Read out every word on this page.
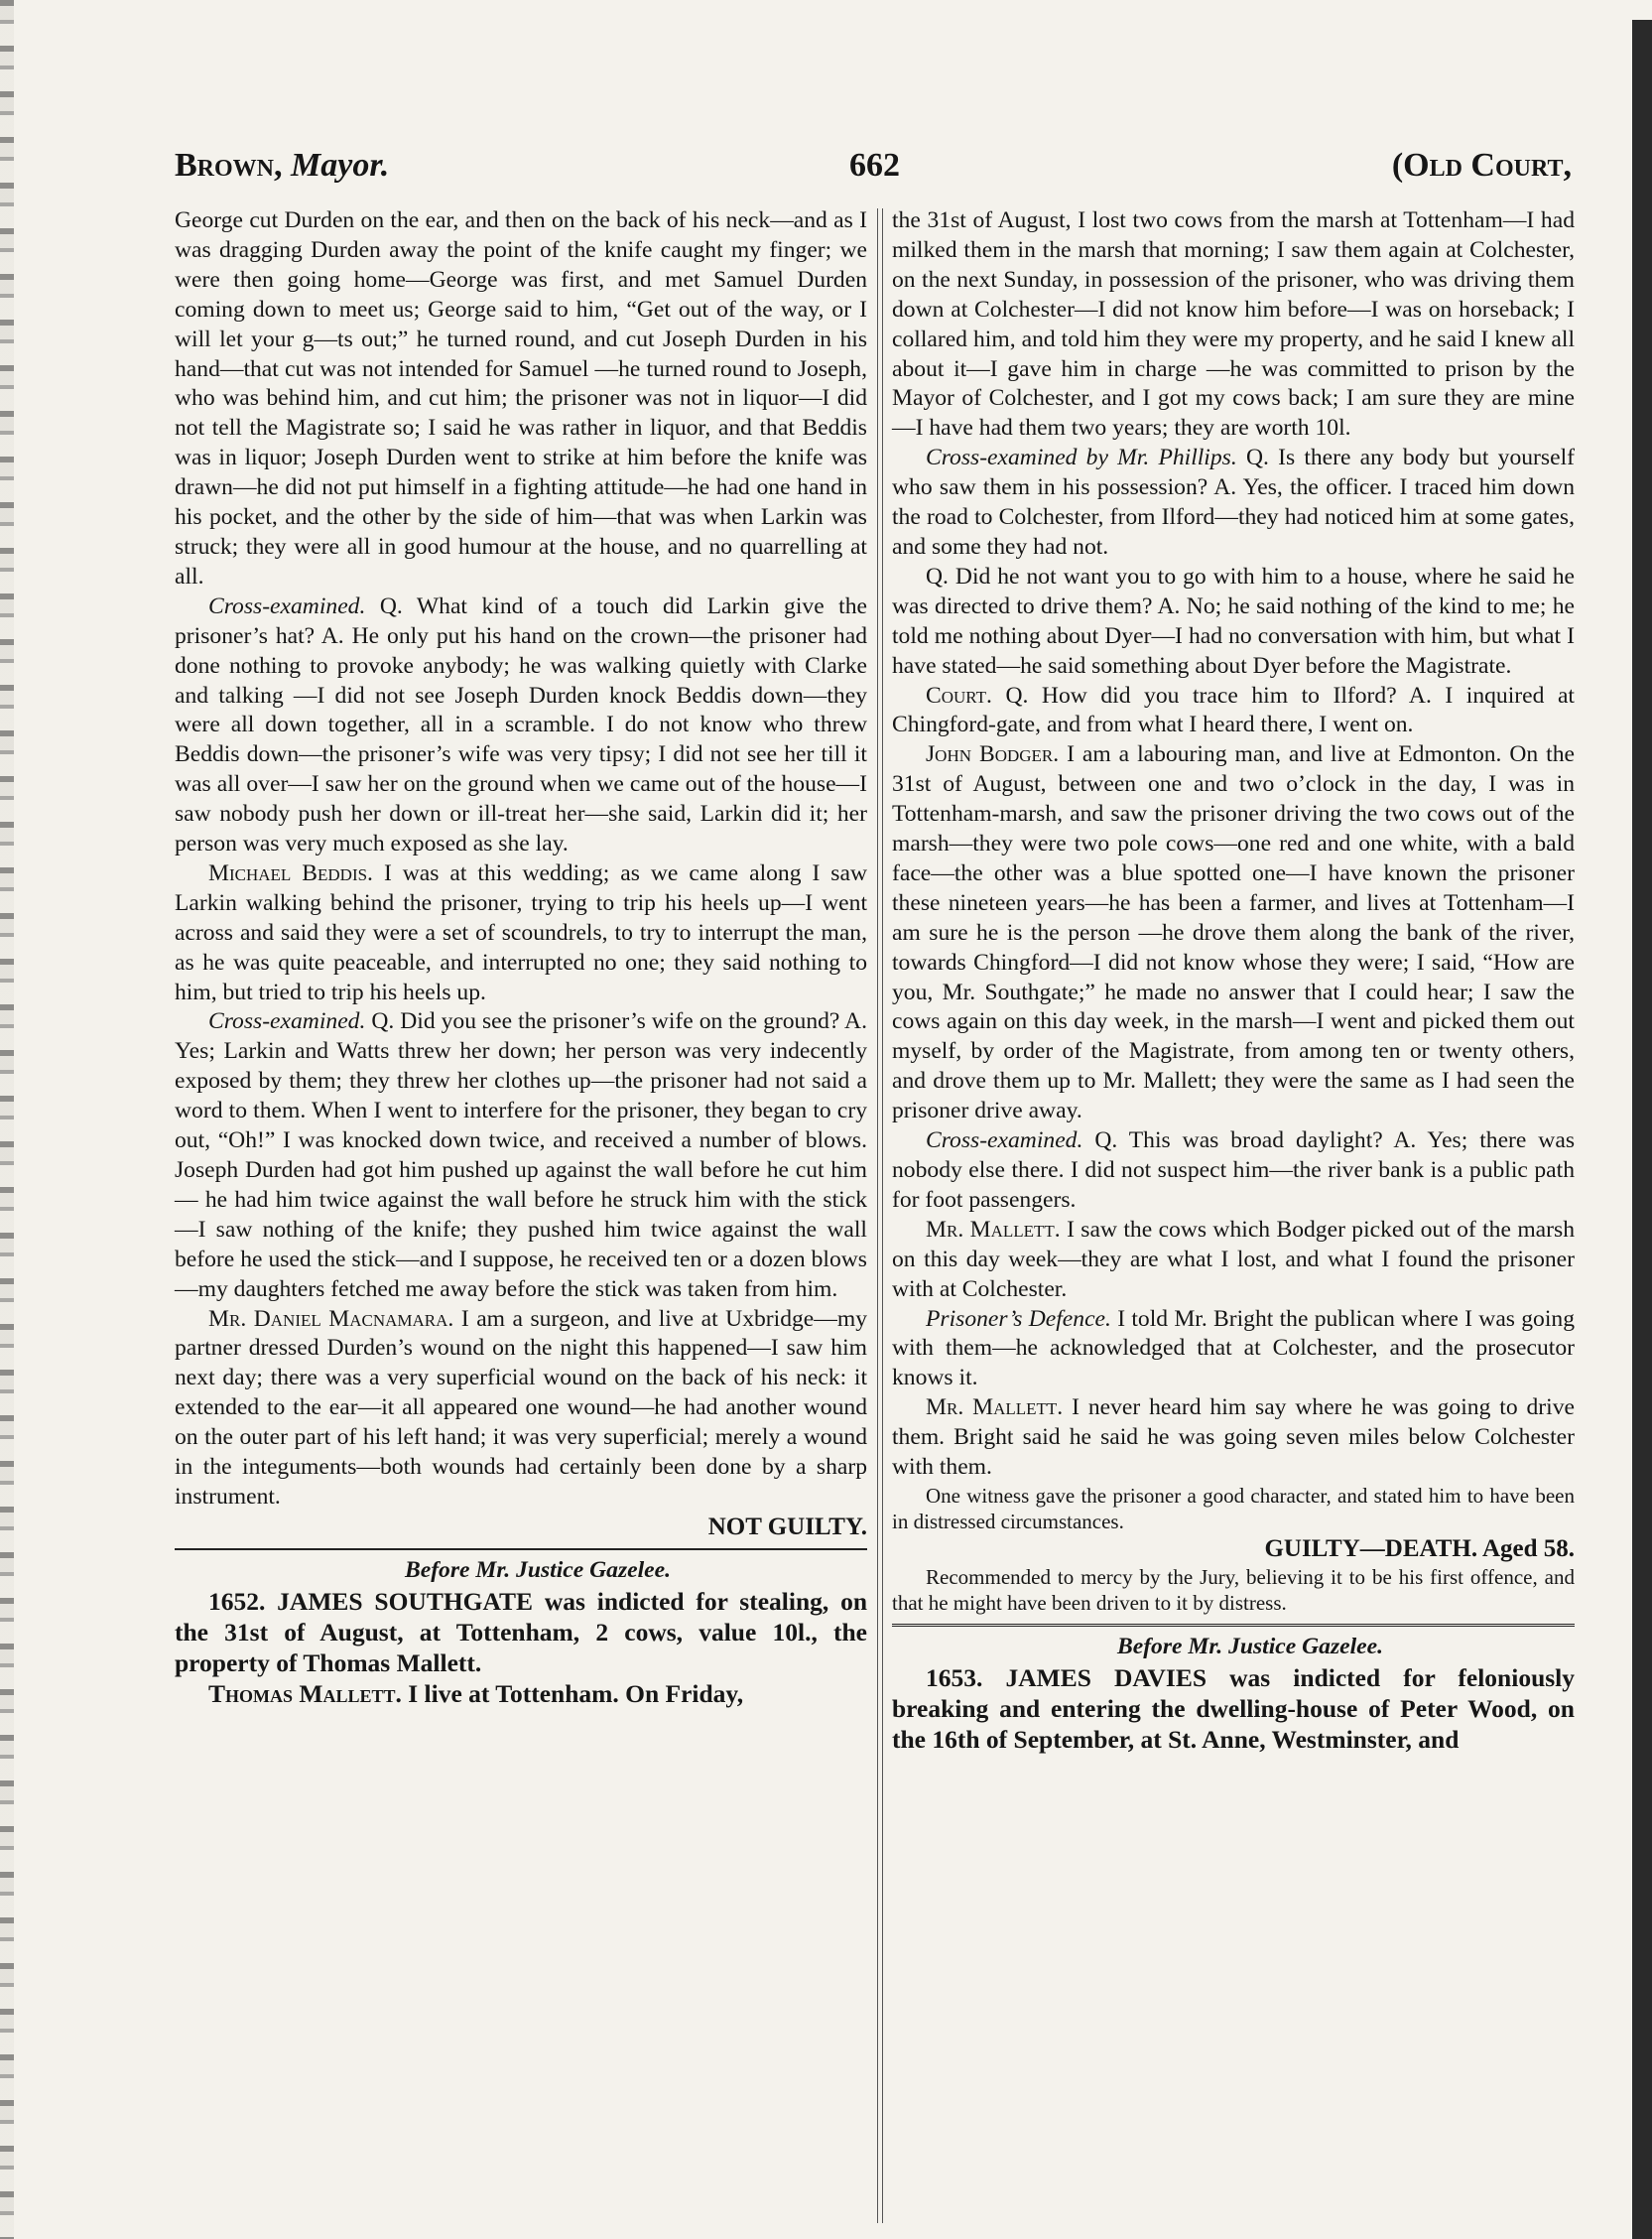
Brown, Mayor.	662	(Old Court,

George cut Durden on the ear, and then on the back of his neck—and as I was dragging Durden away the point of the knife caught my finger; we were then going home—George was first, and met Samuel Durden coming down to meet us; George said to him, “Get out of the way, or I will let your g—ts out;” he turned round, and cut Joseph Durden in his hand—that cut was not intended for Samuel —he turned round to Joseph, who was behind him, and cut him; the prisoner was not in liquor—I did not tell the Magistrate so; I said he was rather in liquor, and that Beddis was in liquor; Joseph Durden went to strike at him before the knife was drawn—he did not put himself in a fighting attitude—he had one hand in his pocket, and the other by the side of him—that was when Larkin was struck; they were all in good humour at the house, and no quarrelling at all.

Cross-examined. Q. What kind of a touch did Larkin give the prisoner’s hat? A. He only put his hand on the crown—the prisoner had done nothing to provoke anybody; he was walking quietly with Clarke and talking —I did not see Joseph Durden knock Beddis down—they were all down together, all in a scramble. I do not know who threw Beddis down—the prisoner’s wife was very tipsy; I did not see her till it was all over—I saw her on the ground when we came out of the house—I saw nobody push her down or ill-treat her—she said, Larkin did it; her person was very much exposed as she lay.

Michael Beddis. I was at this wedding; as we came along I saw Larkin walking behind the prisoner, trying to trip his heels up—I went across and said they were a set of scoundrels, to try to interrupt the man, as he was quite peaceable, and interrupted no one; they said nothing to him, but tried to trip his heels up.

Cross-examined. Q. Did you see the prisoner’s wife on the ground? A. Yes; Larkin and Watts threw her down; her person was very indecently exposed by them; they threw her clothes up—the prisoner had not said a word to them. When I went to interfere for the prisoner, they began to cry out, “Oh!” I was knocked down twice, and received a number of blows. Joseph Durden had got him pushed up against the wall before he cut him— he had him twice against the wall before he struck him with the stick—I saw nothing of the knife; they pushed him twice against the wall before he used the stick—and I suppose, he received ten or a dozen blows—my daughters fetched me away before the stick was taken from him.

Mr. Daniel Macnamara. I am a surgeon, and live at Uxbridge—my partner dressed Durden’s wound on the night this happened—I saw him next day; there was a very superficial wound on the back of his neck: it extended to the ear—it all appeared one wound—he had another wound on the outer part of his left hand; it was very superficial; merely a wound in the integuments—both wounds had certainly been done by a sharp instrument.

NOT GUILTY.

Before Mr. Justice Gazelee.

1652. JAMES SOUTHGATE was indicted for stealing, on the 31st of August, at Tottenham, 2 cows, value 10l., the property of Thomas Mallett.

Thomas Mallett. I live at Tottenham. On Friday,

the 31st of August, I lost two cows from the marsh at Tottenham—I had milked them in the marsh that morning; I saw them again at Colchester, on the next Sunday, in possession of the prisoner, who was driving them down at Colchester—I did not know him before—I was on horseback; I collared him, and told him they were my property, and he said I knew all about it—I gave him in charge —he was committed to prison by the Mayor of Colchester, and I got my cows back; I am sure they are mine—I have had them two years; they are worth 10l.

Cross-examined by Mr. Phillips. Q. Is there any body but yourself who saw them in his possession? A. Yes, the officer. I traced him down the road to Colchester, from Ilford—they had noticed him at some gates, and some they had not.

Q. Did he not want you to go with him to a house, where he said he was directed to drive them? A. No; he said nothing of the kind to me; he told me nothing about Dyer—I had no conversation with him, but what I have stated—he said something about Dyer before the Magistrate.

Court. Q. How did you trace him to Ilford? A. I inquired at Chingford-gate, and from what I heard there, I went on.

John Bodger. I am a labouring man, and live at Edmonton. On the 31st of August, between one and two o’clock in the day, I was in Tottenham-marsh, and saw the prisoner driving the two cows out of the marsh—they were two pole cows—one red and one white, with a bald face—the other was a blue spotted one—I have known the prisoner these nineteen years—he has been a farmer, and lives at Tottenham—I am sure he is the person —he drove them along the bank of the river, towards Chingford—I did not know whose they were; I said, “How are you, Mr. Southgate;” he made no answer that I could hear; I saw the cows again on this day week, in the marsh—I went and picked them out myself, by order of the Magistrate, from among ten or twenty others, and drove them up to Mr. Mallett; they were the same as I had seen the prisoner drive away.

Cross-examined. Q. This was broad daylight? A. Yes; there was nobody else there. I did not suspect him—the river bank is a public path for foot passengers.

Mr. Mallett. I saw the cows which Bodger picked out of the marsh on this day week—they are what I lost, and what I found the prisoner with at Colchester.

Prisoner’s Defence. I told Mr. Bright the publican where I was going with them—he acknowledged that at Colchester, and the prosecutor knows it.

Mr. Mallett. I never heard him say where he was going to drive them. Bright said he said he was going seven miles below Colchester with them.

One witness gave the prisoner a good character, and stated him to have been in distressed circumstances.

GUILTY—DEATH. Aged 58.

Recommended to mercy by the Jury, believing it to be his first offence, and that he might have been driven to it by distress.

Before Mr. Justice Gazelee.

1653. JAMES DAVIES was indicted for feloniously breaking and entering the dwelling-house of Peter Wood, on the 16th of September, at St. Anne, Westminster, and
